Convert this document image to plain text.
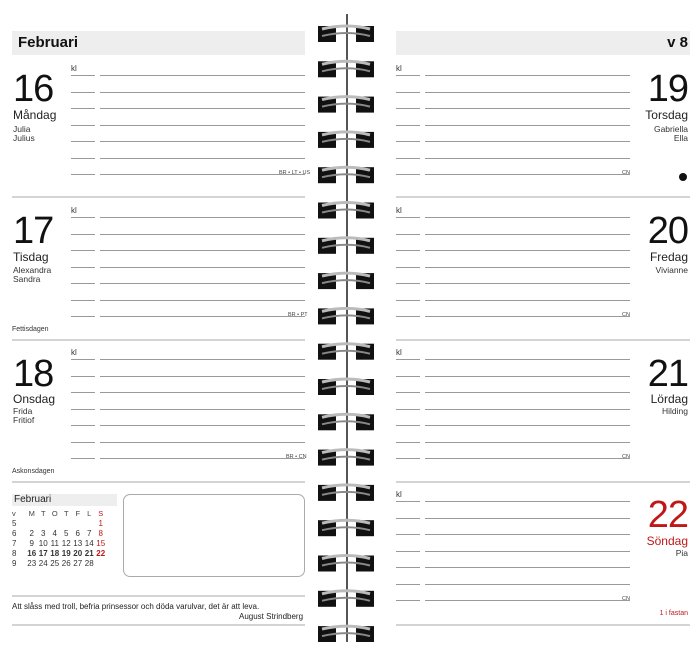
Februari	v 8
16
Måndag
Julia
Julius
kl
BR • LT • US
17
Tisdag
Alexandra
Sandra
kl
BR • PT
Fettisdagen
18
Onsdag
Frida
Fritiof
kl
BR • CN
Askonsdagen
Februari
v	M	T	O	T	F	L	S
5							1
6	2	3	4	5	6	7	8
7	9	10	11	12	13	14	15
8	16	17	18	19	20	21	22
9	23	24	25	26	27	28	
Att slåss med troll, befria prinsessor och döda varulvar, det är att leva.
August Strindberg
19
Torsdag
Gabriella
Ella
kl
CN
20
Fredag
Vivianne
kl
CN
21
Lördag
Hilding
kl
CN
22
Söndag
Pia
kl
CN
1 i fastan
